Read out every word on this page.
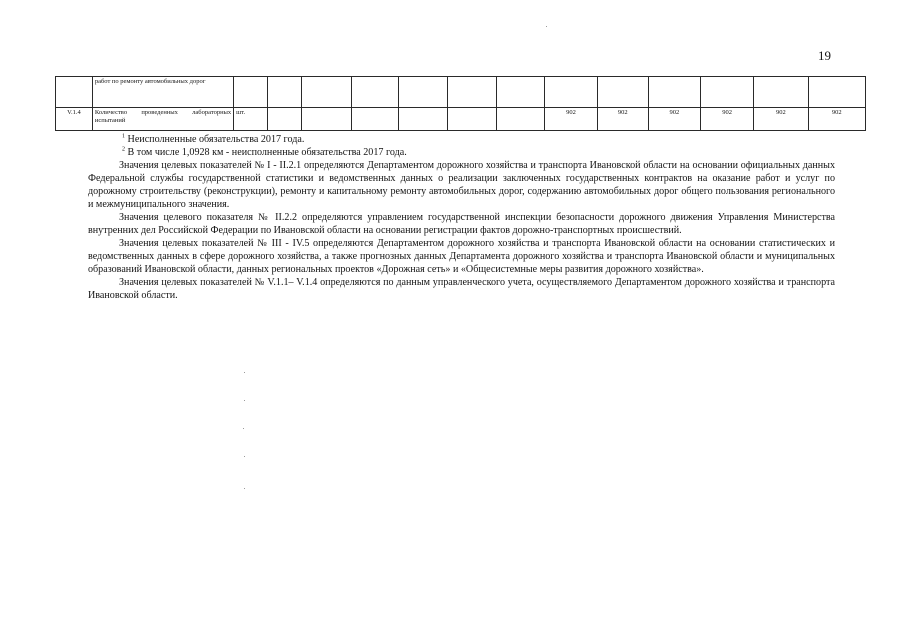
19
	работ по ремонту автомобильных дорог													
V.1.4	Количество проведенных лабораторных испытаний	шт.							902	902	902	902	902	902

$^1$ Неисполненные обязательства 2017 года.

$^2$ В том числе 1,0928 км - неисполненные обязательства 2017 года.

Значения целевых показателей № I - II.2.1 определяются Департаментом дорожного хозяйства и транспорта Ивановской области на основании официальных данных Федеральной службы государственной статистики и ведомственных данных о реализации заключенных государственных контрактов на оказание работ и услуг по дорожному строительству (реконструкции), ремонту и капитальному ремонту автомобильных дорог, содержанию автомобильных дорог общего пользования регионального и межмуниципального значения.

Значения целевого показателя № II.2.2 определяются управлением государственной инспекции безопасности дорожного движения Управления Министерства внутренних дел Российской Федерации по Ивановской области на основании регистрации фактов дорожно-транспортных происшествий.

Значения целевых показателей № III - IV.5 определяются Департаментом дорожного хозяйства и транспорта Ивановской области на основании статистических и ведомственных данных в сфере дорожного хозяйства, а также прогнозных данных Департамента дорожного хозяйства и транспорта Ивановской области и муниципальных образований Ивановской области, данных региональных проектов «Дорожная сеть» и «Общесистемные меры развития дорожного хозяйства».

Значения целевых показателей № V.1.1– V.1.4 определяются по данным управленческого учета, осуществляемого Департаментом дорожного хозяйства и транспорта Ивановской области.
